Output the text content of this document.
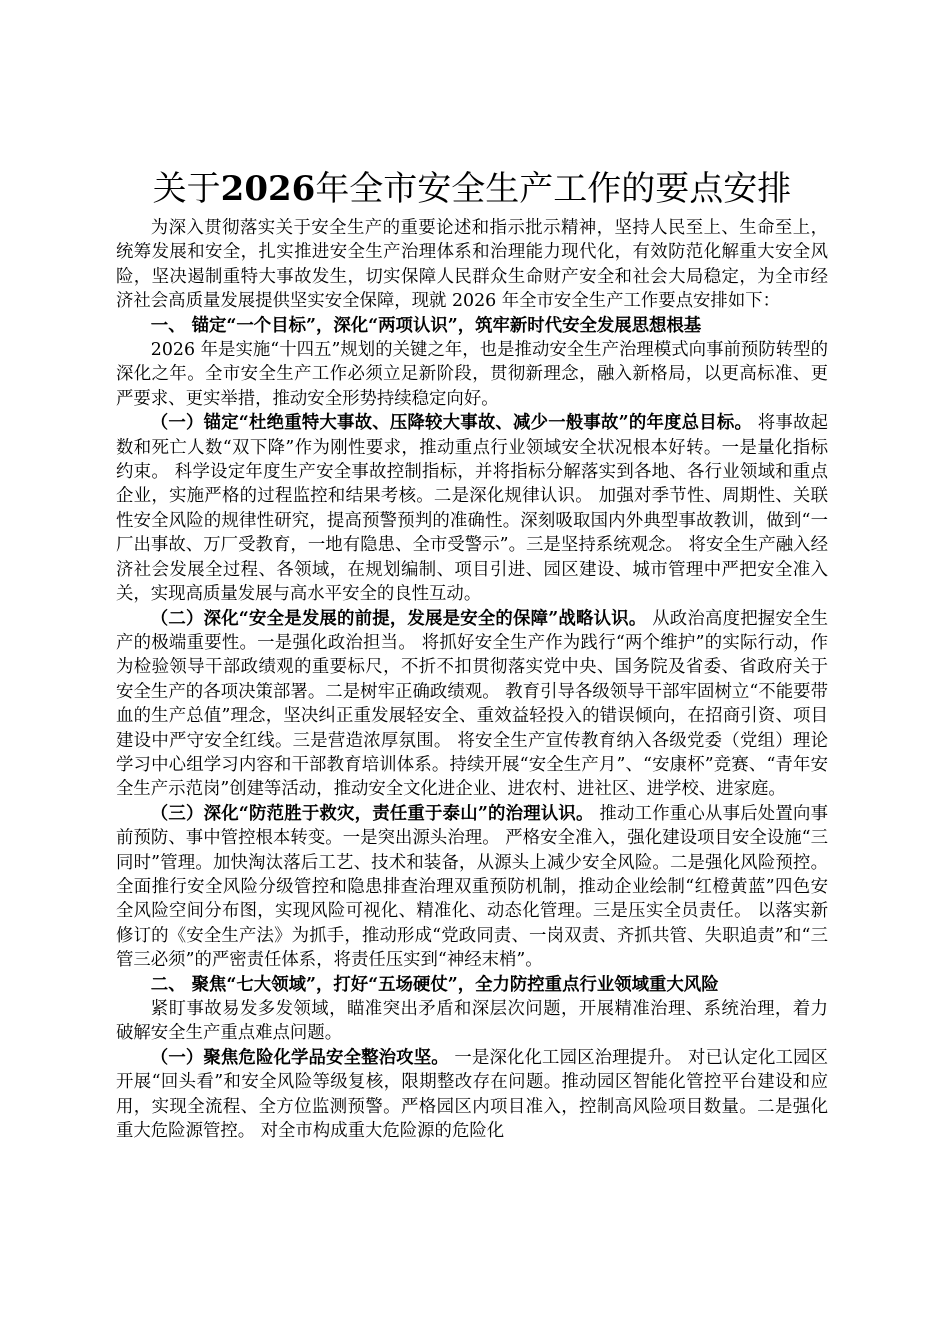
关于2026年全市安全生产工作的要点安排

为深入贯彻落实关于安全生产的重要论述和指示批示精神，坚持人民至上、生命至上，统筹发展和安全，扎实推进安全生产治理体系和治理能力现代化，有效防范化解重大安全风险，坚决遏制重特大事故发生，切实保障人民群众生命财产安全和社会大局稳定，为全市经济社会高质量发展提供坚实安全保障，现就 2026 年全市安全生产工作要点安排如下：

一、 锚定“一个目标”，深化“两项认识”，筑牢新时代安全发展思想根基

2026 年是实施“十四五”规划的关键之年，也是推动安全生产治理模式向事前预防转型的深化之年。全市安全生产工作必须立足新阶段，贯彻新理念，融入新格局，以更高标准、更严要求、更实举措，推动安全形势持续稳定向好。

（一）锚定“杜绝重特大事故、压降较大事故、减少一般事故”的年度总目标。 将事故起数和死亡人数“双下降”作为刚性要求，推动重点行业领域安全状况根本好转。一是量化指标约束。 科学设定年度生产安全事故控制指标，并将指标分解落实到各地、各行业领域和重点企业，实施严格的过程监控和结果考核。二是深化规律认识。 加强对季节性、周期性、关联性安全风险的规律性研究，提高预警预判的准确性。深刻吸取国内外典型事故教训，做到“一厂出事故、万厂受教育，一地有隐患、全市受警示”。三是坚持系统观念。 将安全生产融入经济社会发展全过程、各领域，在规划编制、项目引进、园区建设、城市管理中严把安全准入关，实现高质量发展与高水平安全的良性互动。

（二）深化“安全是发展的前提，发展是安全的保障”战略认识。 从政治高度把握安全生产的极端重要性。一是强化政治担当。 将抓好安全生产作为践行“两个维护”的实际行动，作为检验领导干部政绩观的重要标尺，不折不扣贯彻落实党中央、国务院及省委、省政府关于安全生产的各项决策部署。二是树牢正确政绩观。 教育引导各级领导干部牢固树立“不能要带血的生产总值”理念，坚决纠正重发展轻安全、重效益轻投入的错误倾向，在招商引资、项目建设中严守安全红线。三是营造浓厚氛围。 将安全生产宣传教育纳入各级党委（党组）理论学习中心组学习内容和干部教育培训体系。持续开展“安全生产月”、“安康杯”竞赛、“青年安全生产示范岗”创建等活动，推动安全文化进企业、进农村、进社区、进学校、进家庭。

（三）深化“防范胜于救灾，责任重于泰山”的治理认识。 推动工作重心从事后处置向事前预防、事中管控根本转变。一是突出源头治理。 严格安全准入，强化建设项目安全设施“三同时”管理。加快淘汰落后工艺、技术和装备，从源头上减少安全风险。二是强化风险预控。 全面推行安全风险分级管控和隐患排查治理双重预防机制，推动企业绘制“红橙黄蓝”四色安全风险空间分布图，实现风险可视化、精准化、动态化管理。三是压实全员责任。 以落实新修订的《安全生产法》为抓手，推动形成“党政同责、一岗双责、齐抓共管、失职追责”和“三管三必须”的严密责任体系，将责任压实到“神经末梢”。

二、 聚焦“七大领域”，打好“五场硬仗”，全力防控重点行业领域重大风险

紧盯事故易发多发领域，瞄准突出矛盾和深层次问题，开展精准治理、系统治理，着力破解安全生产重点难点问题。

（一）聚焦危险化学品安全整治攻坚。 一是深化化工园区治理提升。 对已认定化工园区开展“回头看”和安全风险等级复核，限期整改存在问题。推动园区智能化管控平台建设和应用，实现全流程、全方位监测预警。严格园区内项目准入，控制高风险项目数量。二是强化重大危险源管控。 对全市构成重大危险源的危险化
